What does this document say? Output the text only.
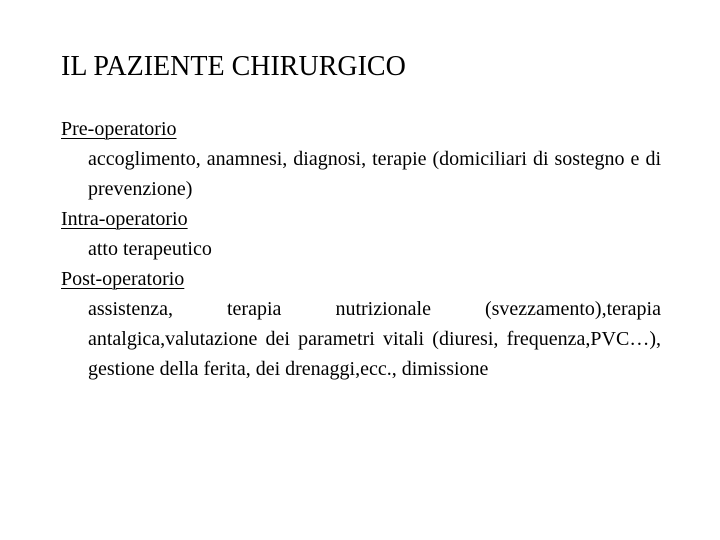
IL PAZIENTE CHIRURGICO
Pre-operatorio
accoglimento, anamnesi, diagnosi, terapie (domiciliari di sostegno e di prevenzione)
Intra-operatorio
atto terapeutico
Post-operatorio
assistenza, terapia nutrizionale (svezzamento),terapia antalgica,valutazione dei parametri vitali (diuresi, frequenza,PVC…), gestione della ferita, dei drenaggi,ecc., dimissione
